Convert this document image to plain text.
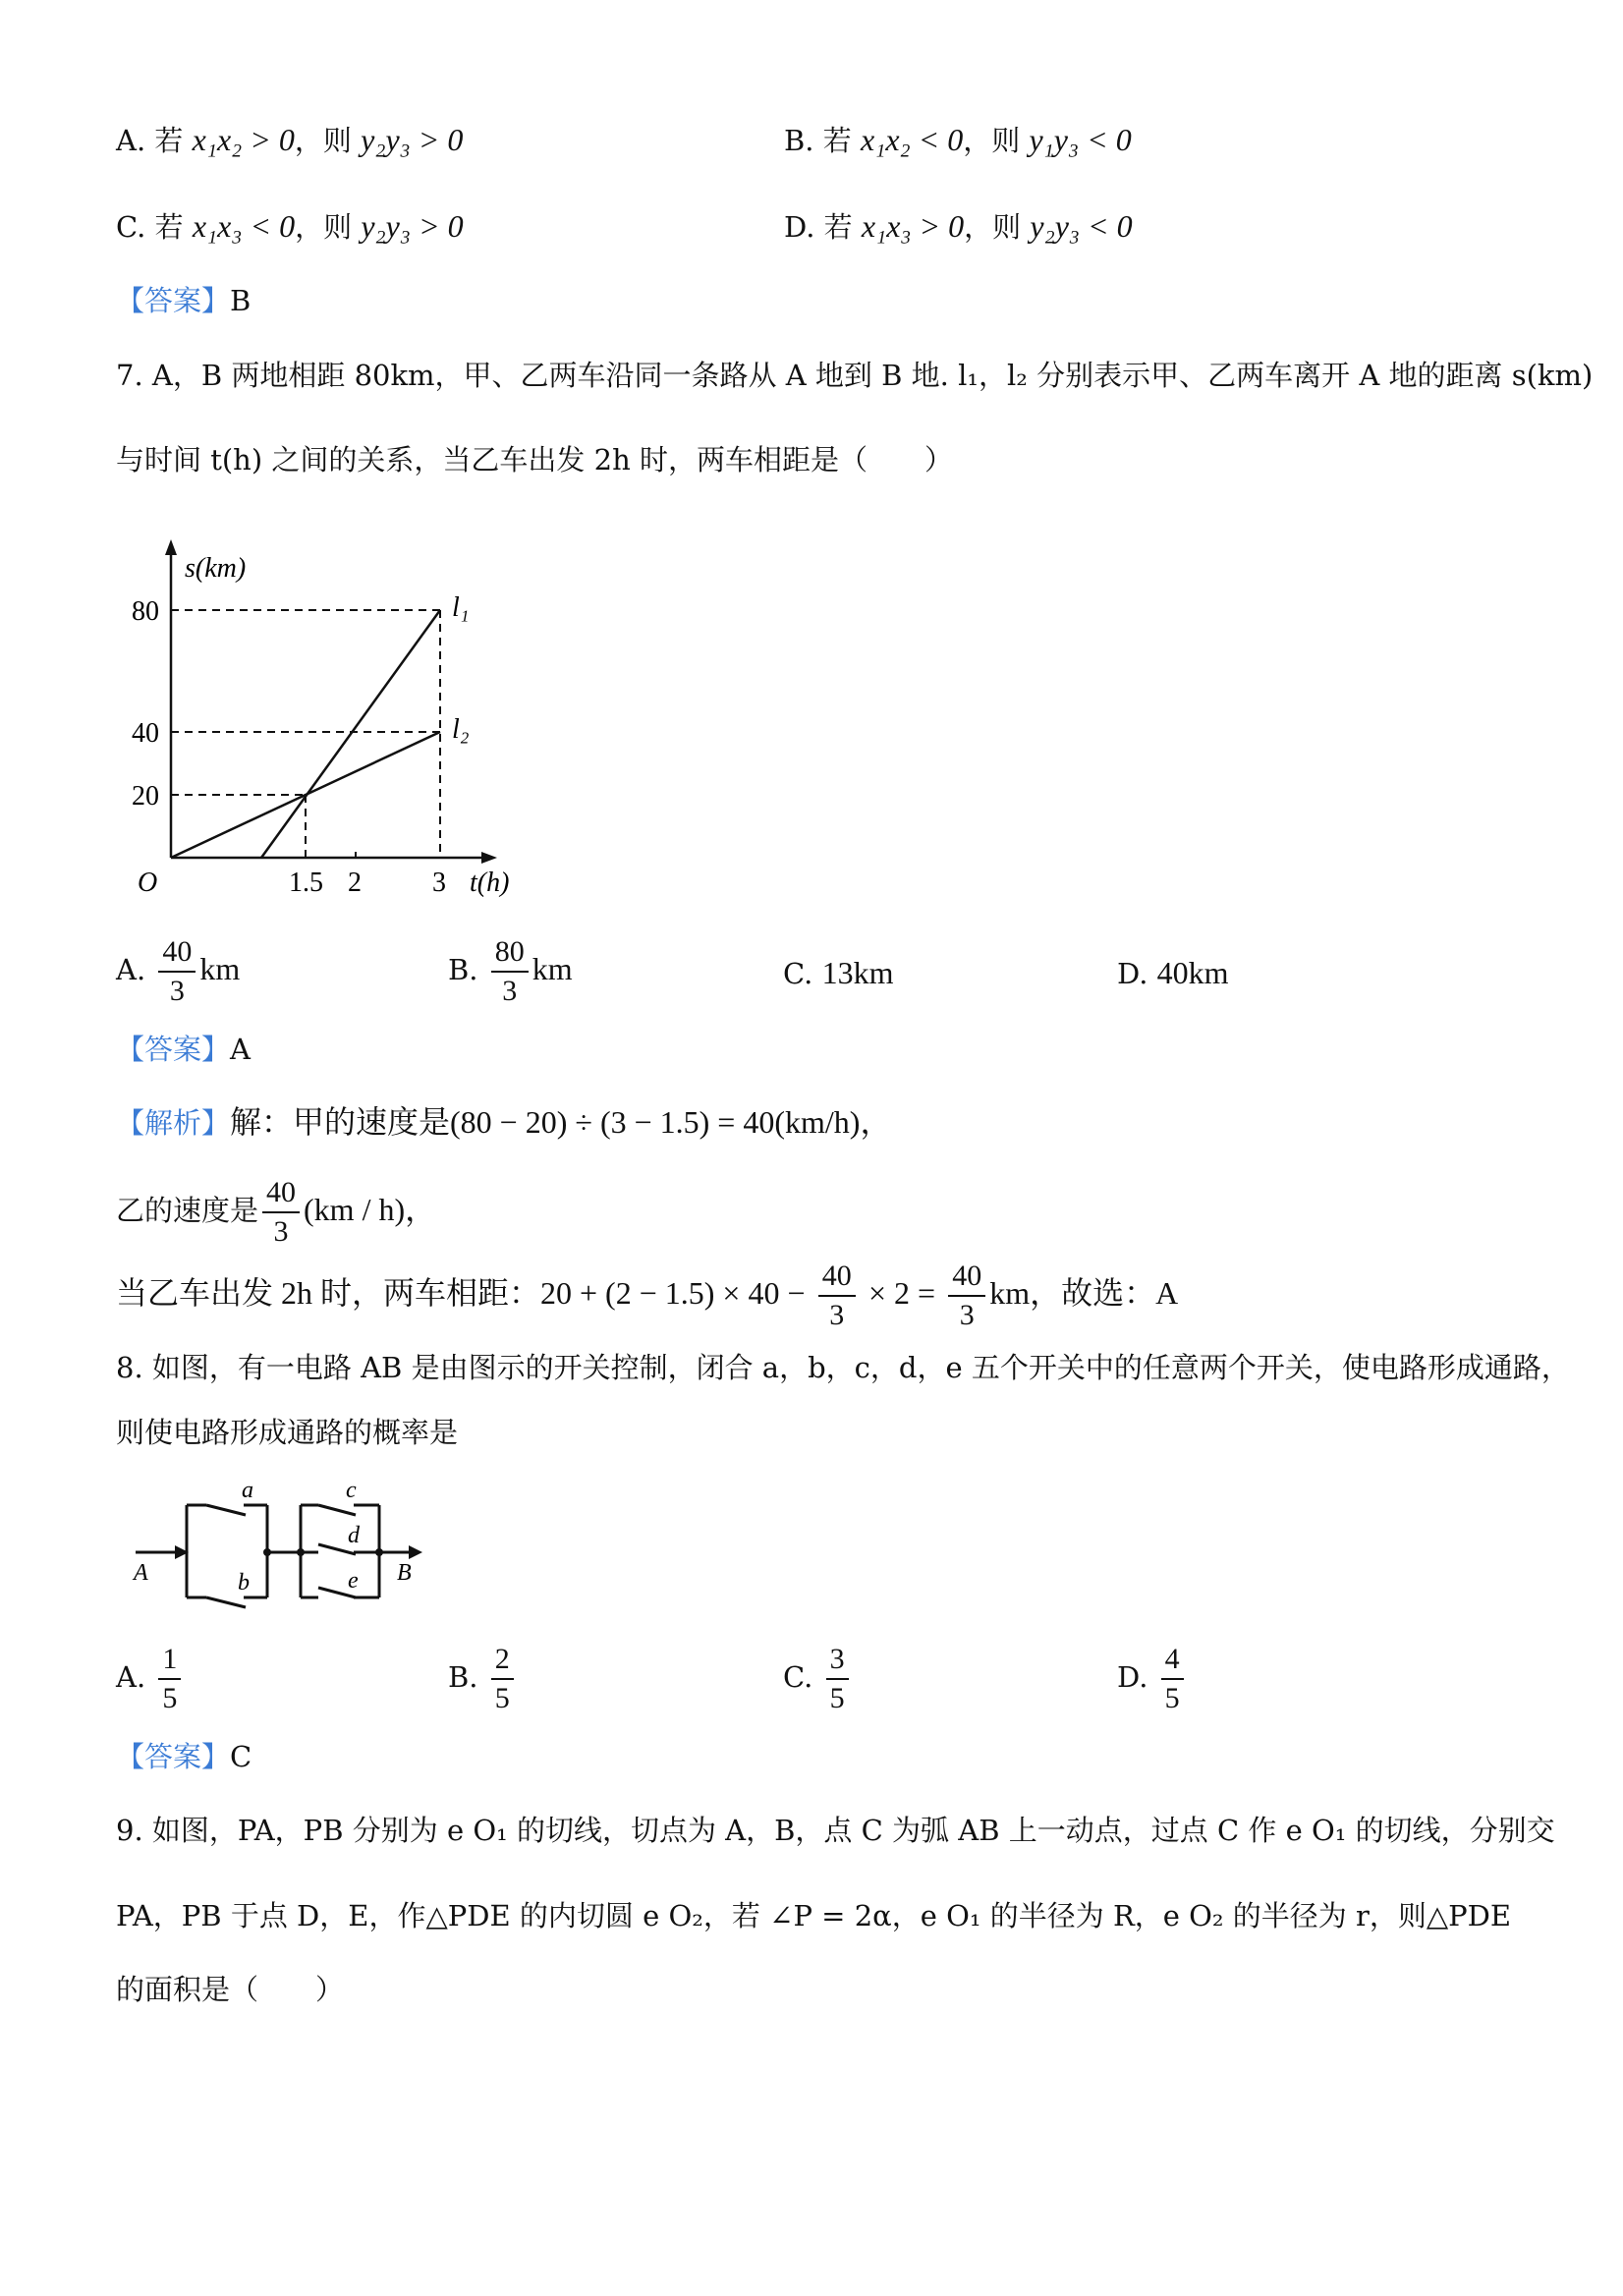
A. 若 x₁x₂ > 0，则 y₂y₃ > 0	B. 若 x₁x₂ < 0，则 y₁y₃ < 0
C. 若 x₁x₃ < 0，则 y₂y₃ > 0	D. 若 x₁x₃ > 0，则 y₂y₃ < 0
【答案】B
7. A，B 两地相距 80km，甲、乙两车沿同一条路从 A 地到 B 地. l₁，l₂ 分别表示甲、乙两车离开 A 地的距离 s(km)
与时间 t(h) 之间的关系，当乙车出发 2h 时，两车相距是（　　）
s(km)
80
40
20
O	1.5 2	3 t(h)
l₁
l₂
A. $\frac{40}{3}$ km	B. $\frac{80}{3}$ km	C. 13km	D. 40km
【答案】A
【解析】解：甲的速度是(80 − 20) ÷ (3 − 1.5) = 40(km/h)，
乙的速度是 $\frac{40}{3} (km / h)$，
当乙车出发 2h 时，两车相距：$20 + (2 - 1.5) \times 40 - \frac{40}{3} \times 2 = \frac{40}{3}$ km，故选：A
8. 如图，有一电路 AB 是由图示的开关控制，闭合 a，b，c，d，e 五个开关中的任意两个开关，使电路形成通路，
则使电路形成通路的概率是
a
b
c
d
e
A	B
A. $\frac{1}{5}$	B. $\frac{2}{5}$	C. $\frac{3}{5}$	D. $\frac{4}{5}$
【答案】C
9. 如图，PA，PB 分别为 e O₁ 的切线，切点为 A，B，点 C 为弧 AB 上一动点，过点 C 作 e O₁ 的切线，分别交
PA，PB 于点 D，E，作△PDE 的内切圆 e O₂，若 ∠P = 2α，e O₁ 的半径为 R，e O₂ 的半径为 r，则△PDE
的面积是（　　）
